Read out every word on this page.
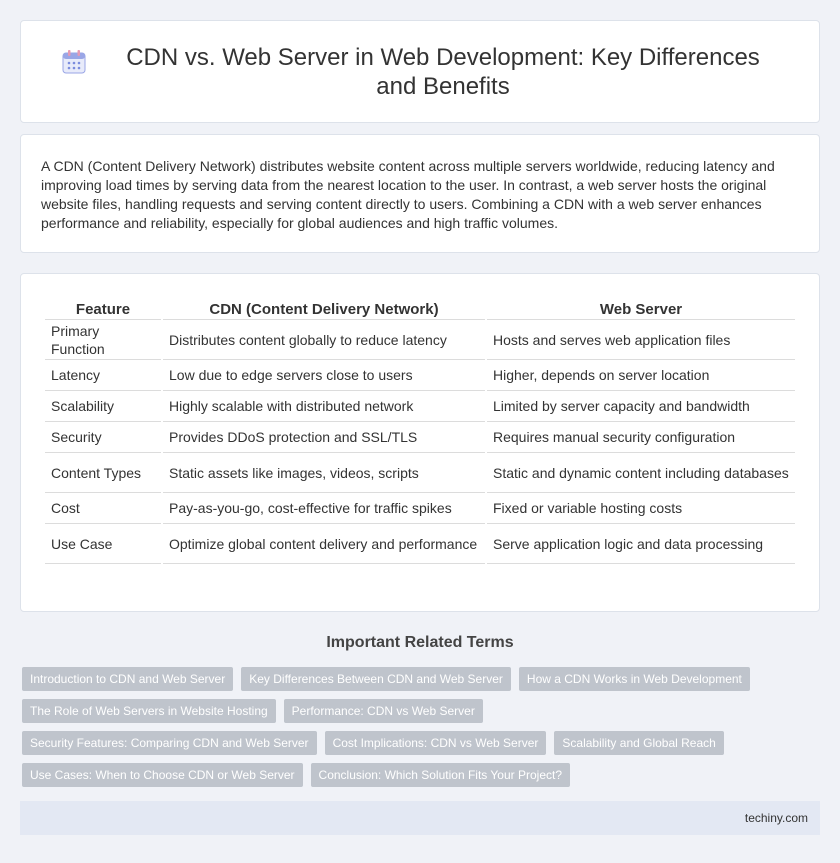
CDN vs. Web Server in Web Development: Key Differences and Benefits

A CDN (Content Delivery Network) distributes website content across multiple servers worldwide, reducing latency and improving load times by serving data from the nearest location to the user. In contrast, a web server hosts the original website files, handling requests and serving content directly to users. Combining a CDN with a web server enhances performance and reliability, especially for global audiences and high traffic volumes.

Feature	CDN (Content Delivery Network)	Web Server
Primary Function	Distributes content globally to reduce latency	Hosts and serves web application files
Latency	Low due to edge servers close to users	Higher, depends on server location
Scalability	Highly scalable with distributed network	Limited by server capacity and bandwidth
Security	Provides DDoS protection and SSL/TLS	Requires manual security configuration
Content Types	Static assets like images, videos, scripts	Static and dynamic content including databases
Cost	Pay-as-you-go, cost-effective for traffic spikes	Fixed or variable hosting costs
Use Case	Optimize global content delivery and performance	Serve application logic and data processing
Important Related Terms
Introduction to CDN and Web Server	Key Differences Between CDN and Web Server	How a CDN Works in Web Development
The Role of Web Servers in Website Hosting	Performance: CDN vs Web Server
Security Features: Comparing CDN and Web Server	Cost Implications: CDN vs Web Server	Scalability and Global Reach
Use Cases: When to Choose CDN or Web Server	Conclusion: Which Solution Fits Your Project?
techiny.com
